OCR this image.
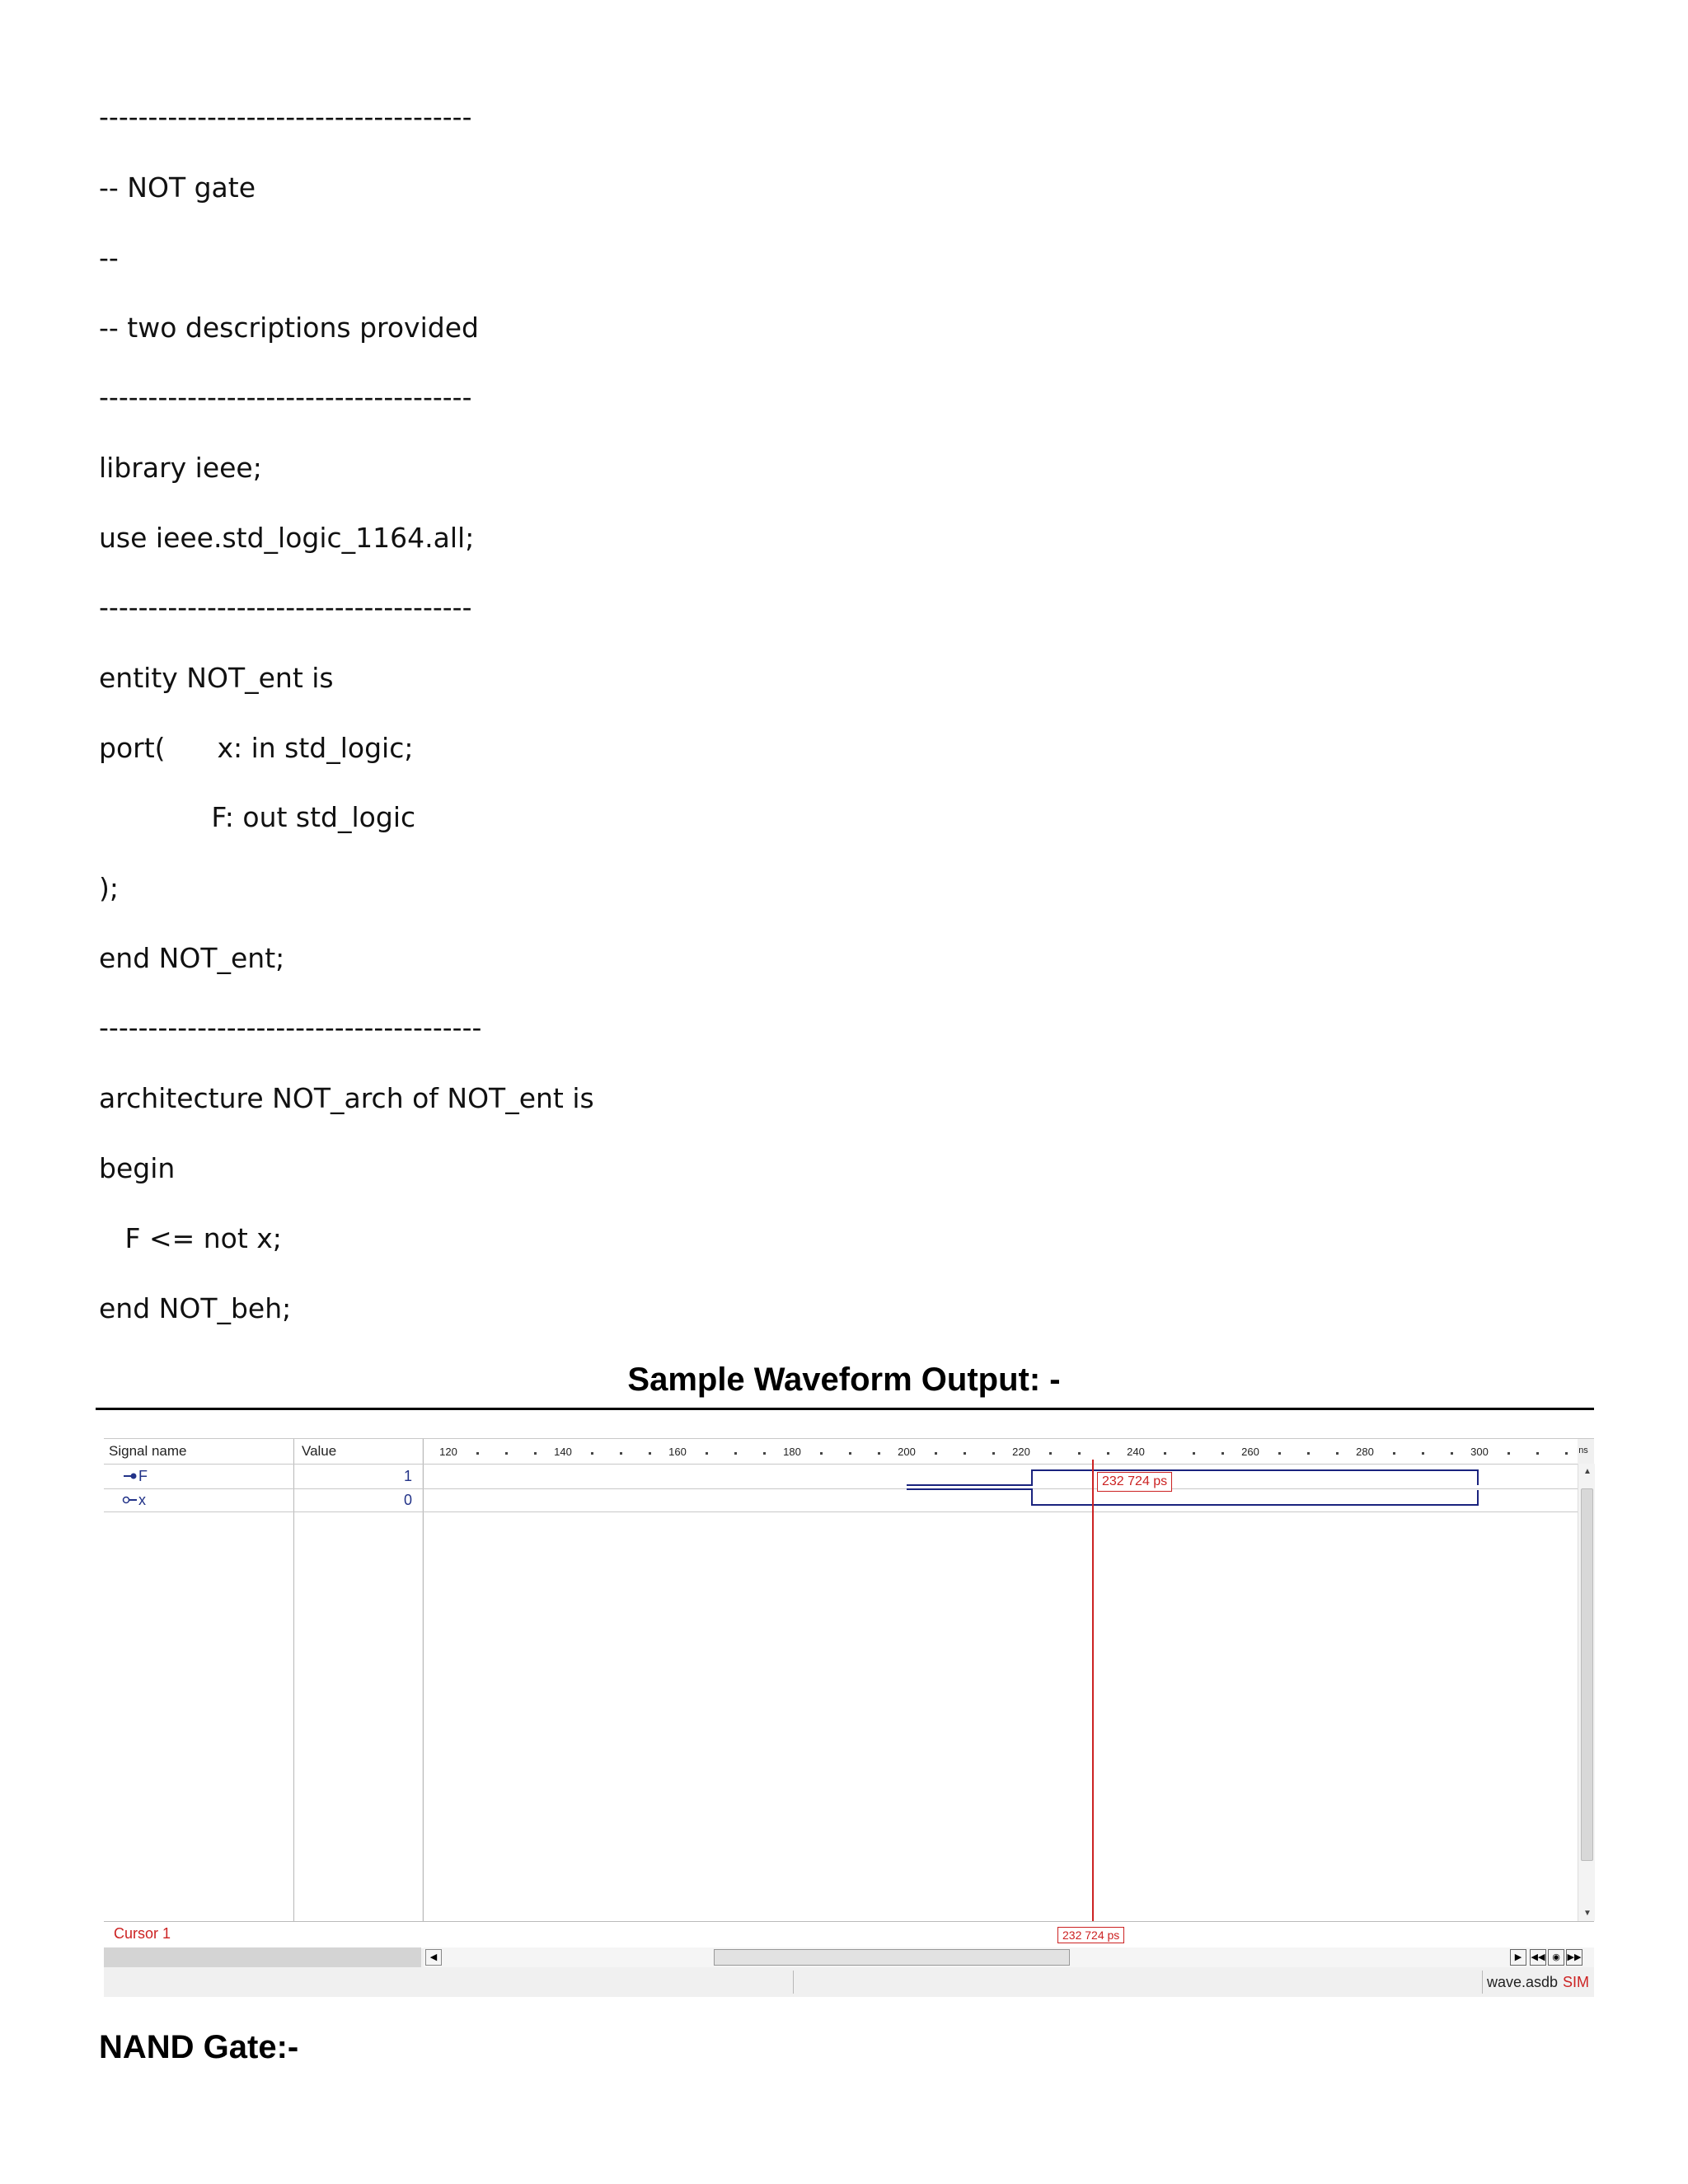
--------------------------------------
-- NOT gate
--
-- two descriptions provided
--------------------------------------
library ieee;
use ieee.std_logic_1164.all;
--------------------------------------
entity NOT_ent is
port(      x: in std_logic;
F: out std_logic
);
end NOT_ent;
---------------------------------------
architecture NOT_arch of NOT_ent is
begin
F <= not x;
end NOT_beh;
Sample Waveform Output: -
Signal name	Value
F	1
x	0
120	140	160	180	200	220	240	260	280	300	ns
232 724 ps
▲
▼
Cursor 1	232 724 ps
◀	▶	◀◀ ◉ ▶▶
wave.asdb SIM
NAND Gate:-
